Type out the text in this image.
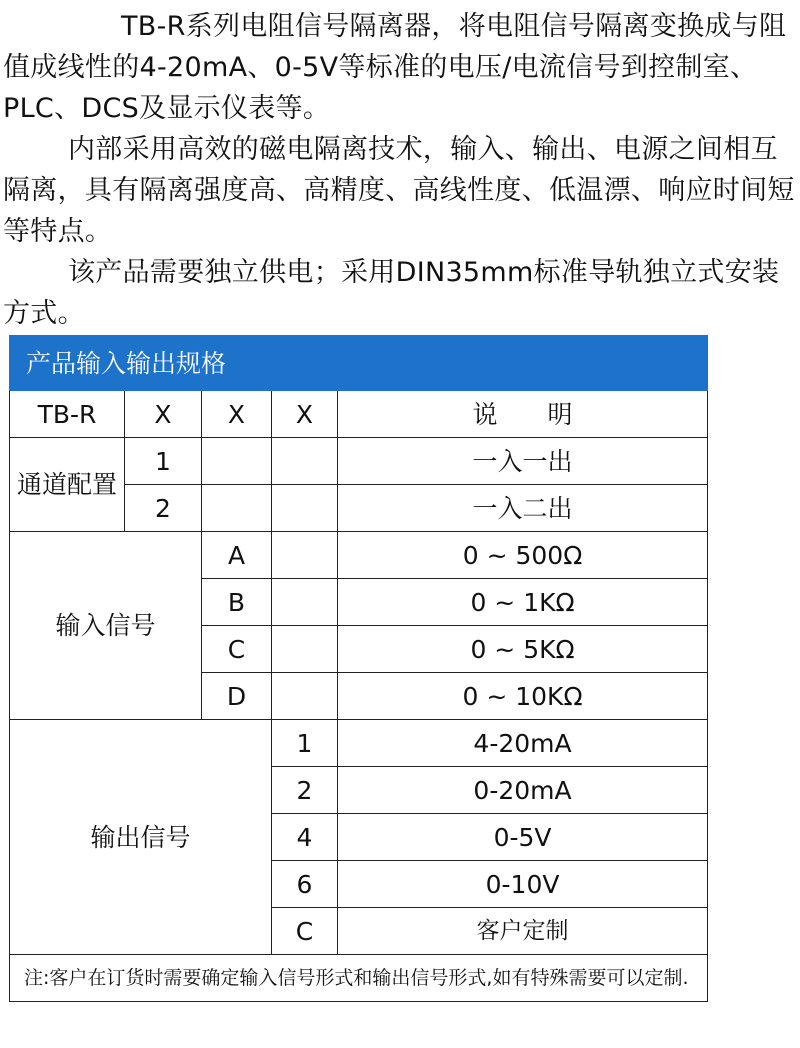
TB-R系列电阻信号隔离器，将电阻信号隔离变换成与阻值成线性的4-20mA、0-5V等标准的电压/电流信号到控制室、PLC、DCS及显示仪表等。

内部采用高效的磁电隔离技术，输入、输出、电源之间相互隔离，具有隔离强度高、高精度、高线性度、低温漂、响应时间短等特点。

该产品需要独立供电；采用DIN35mm标准导轨独立式安装方式。

产品输入输出规格				
TB-R	X	X	X	说　　明
通道配置	1			一入一出
	2			一入二出
输入信号		A		0 ~ 500Ω
		B		0 ~ 1KΩ
		C		0 ~ 5KΩ
		D		0 ~ 10KΩ
输出信号			1	4-20mA
			2	0-20mA
			4	0-5V
			6	0-10V
			C	客户定制
注:客户在订货时需要确定输入信号形式和输出信号形式,如有特殊需要可以定制.				
